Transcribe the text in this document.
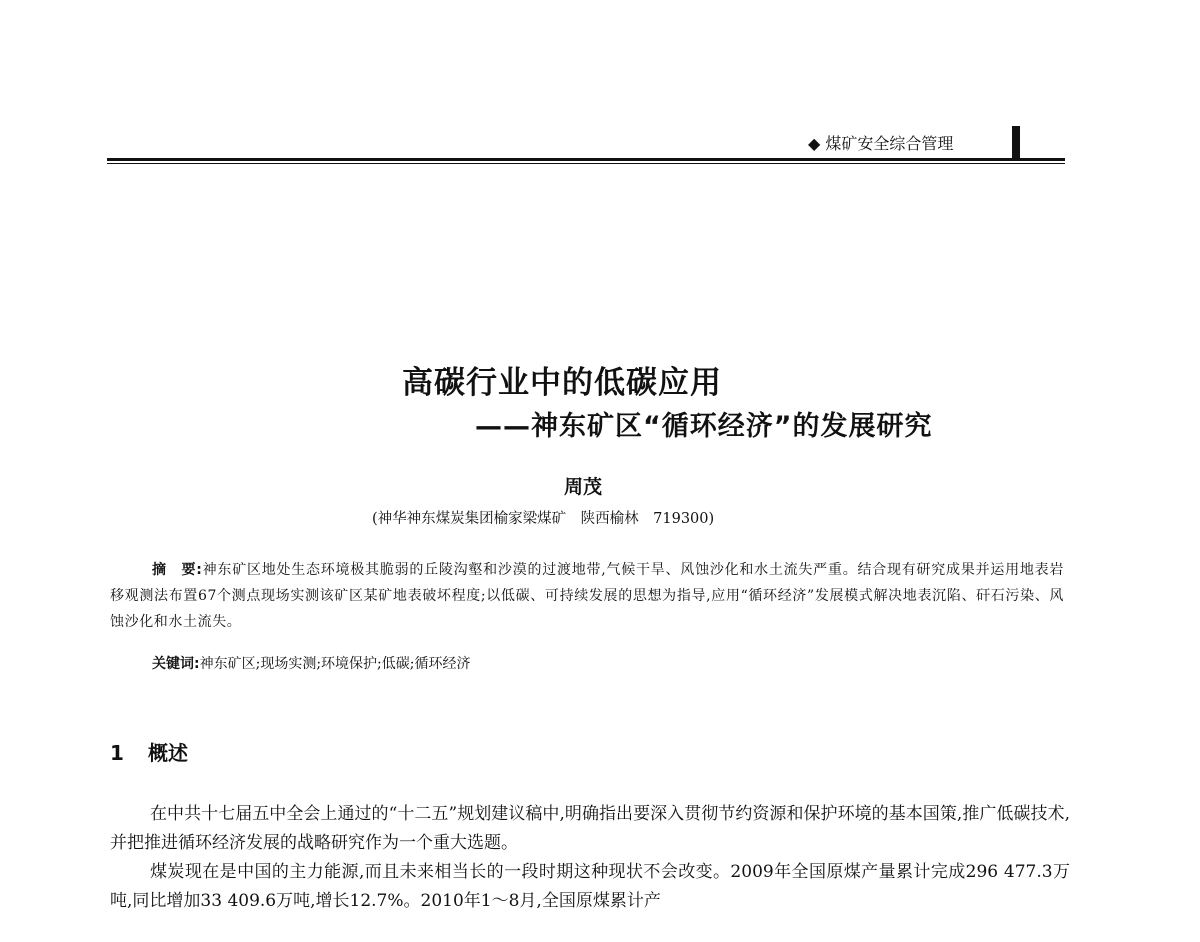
◆ 煤矿安全综合管理
高碳行业中的低碳应用
——神东矿区“循环经济”的发展研究
周茂
(神华神东煤炭集团榆家梁煤矿　陕西榆林　719300)
摘　要:神东矿区地处生态环境极其脆弱的丘陵沟壑和沙漠的过渡地带,气候干旱、风蚀沙化和水土流失严重。结合现有研究成果并运用地表岩移观测法布置67个测点现场实测该矿区某矿地表破坏程度;以低碳、可持续发展的思想为指导,应用“循环经济”发展模式解决地表沉陷、矸石污染、风蚀沙化和水土流失。
关键词:神东矿区;现场实测;环境保护;低碳;循环经济
1 概述

在中共十七届五中全会上通过的“十二五”规划建议稿中,明确指出要深入贯彻节约资源和保护环境的基本国策,推广低碳技术,并把推进循环经济发展的战略研究作为一个重大选题。

煤炭现在是中国的主力能源,而且未来相当长的一段时期这种现状不会改变。2009年全国原煤产量累计完成296 477.3万吨,同比增加33 409.6万吨,增长12.7%。2010年1～8月,全国原煤累计产
